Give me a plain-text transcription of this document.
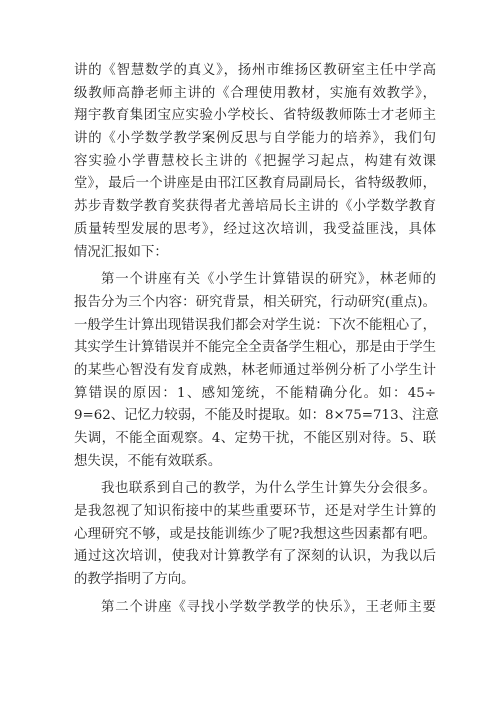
讲的《智慧数学的真义》，扬州市维扬区教研室主任中学高
级教师高静老师主讲的《合理使用教材，实施有效教学》，
翔宇教育集团宝应实验小学校长、省特级教师陈士才老师主
讲的《小学数学教学案例反思与自学能力的培养》，我们句
容实验小学曹慧校长主讲的《把握学习起点，构建有效课
堂》，最后一个讲座是由邗江区教育局副局长，省特级教师，
苏步青数学教育奖获得者尤善培局长主讲的《小学数学教育
质量转型发展的思考》，经过这次培训，我受益匪浅，具体
情况汇报如下：
第一个讲座有关《小学生计算错误的研究》，林老师的
报告分为三个内容：研究背景，相关研究，行动研究(重点)。
一般学生计算出现错误我们都会对学生说：下次不能粗心了，
其实学生计算错误并不能完全全责备学生粗心，那是由于学生
的某些心智没有发育成熟，林老师通过举例分析了小学生计
算错误的原因：1、感知笼统，不能精确分化。如：45÷
9=62、记忆力较弱，不能及时提取。如：8×75=713、注意
失调，不能全面观察。4、定势干扰，不能区别对待。5、联
想失误，不能有效联系。
我也联系到自己的教学，为什么学生计算失分会很多。
是我忽视了知识衔接中的某些重要环节，还是对学生计算的
心理研究不够，或是技能训练少了呢?我想这些因素都有吧。
通过这次培训，使我对计算教学有了深刻的认识，为我以后
的教学指明了方向。
第二个讲座《寻找小学数学教学的快乐》，王老师主要
